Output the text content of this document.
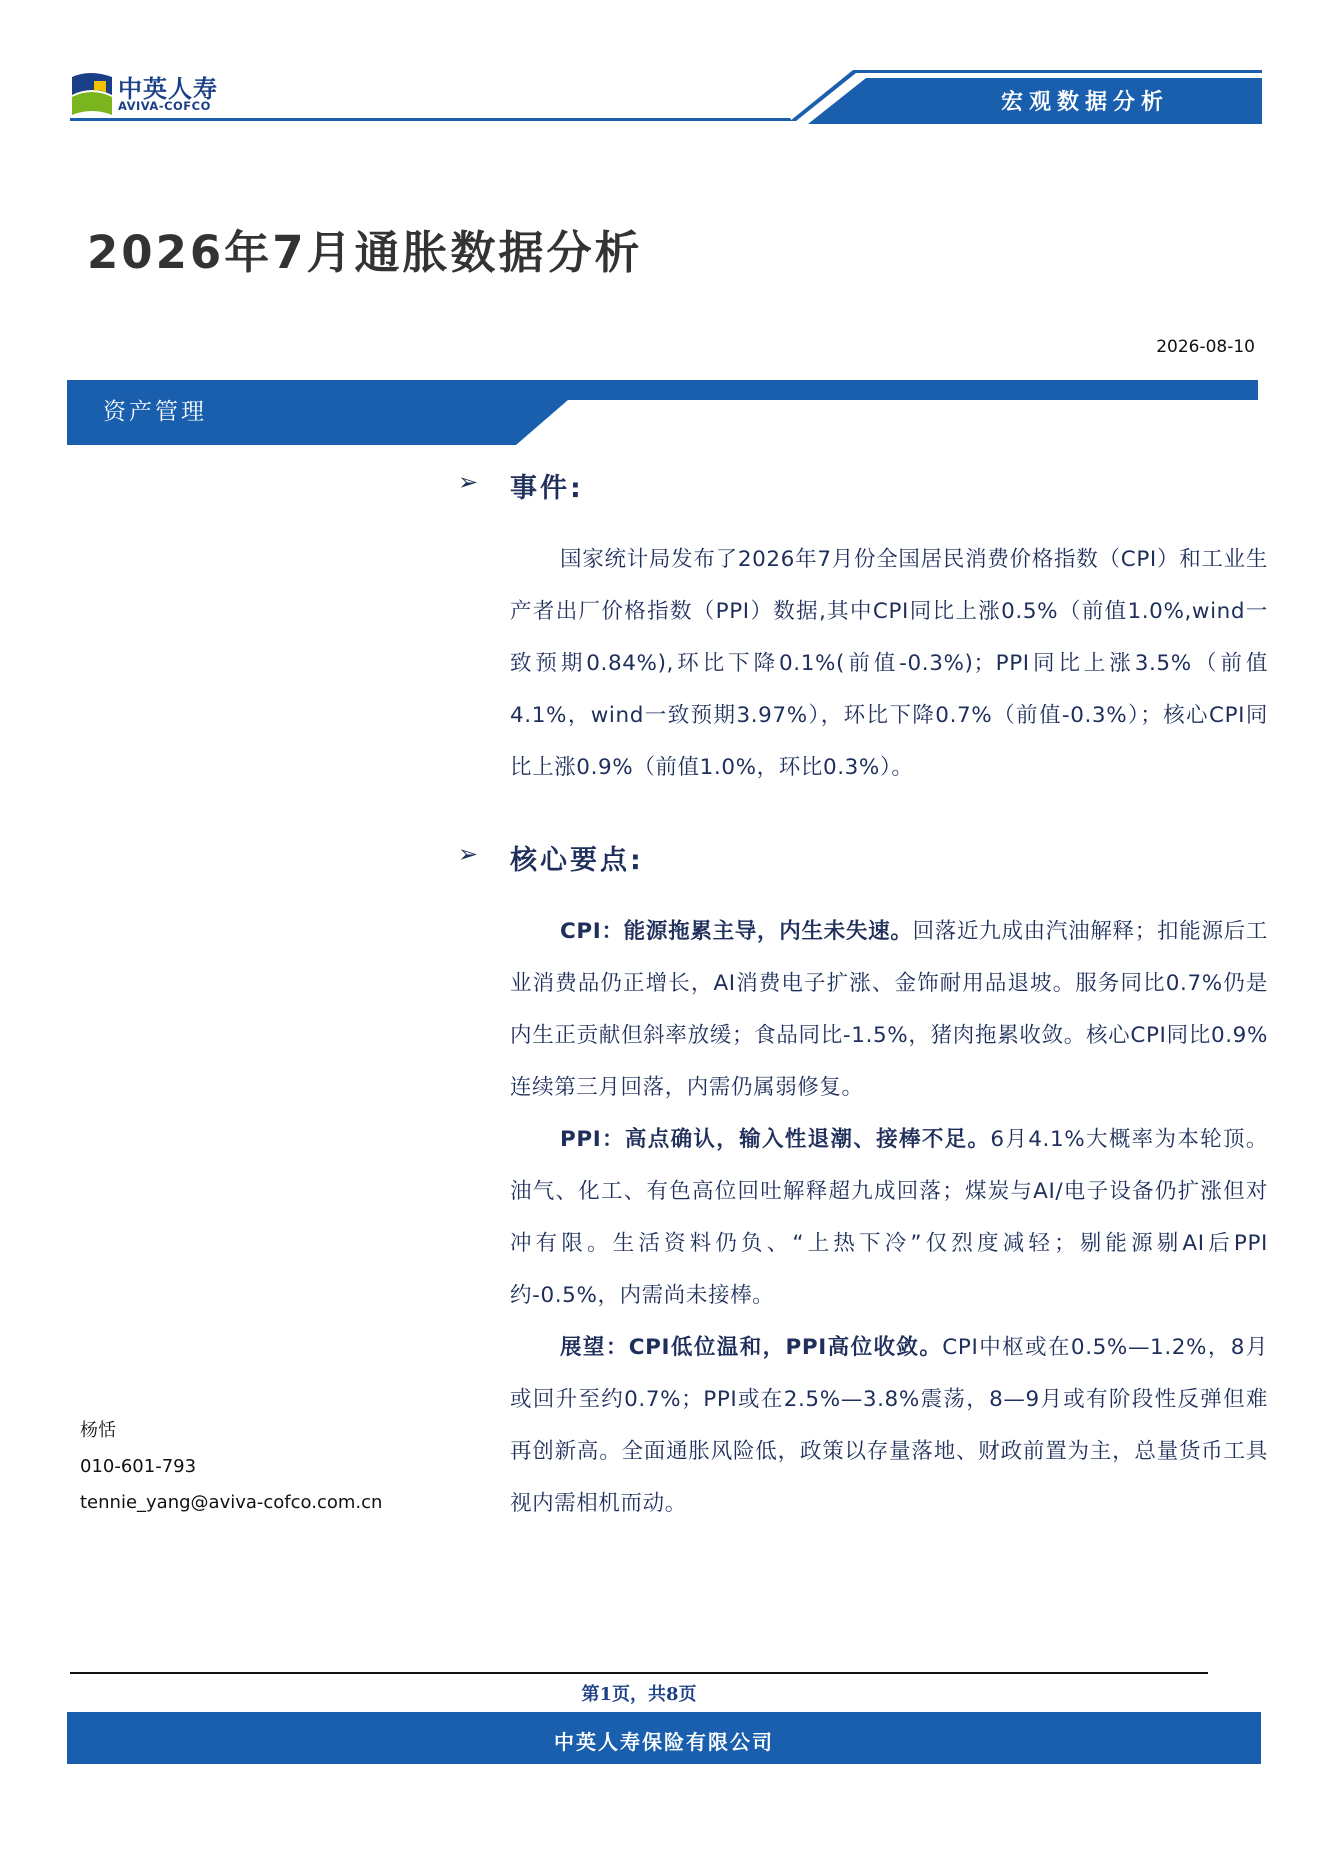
中英人寿
AVIVA-COFCO	宏观数据分析
2026年7月通胀数据分析
2026-08-10
资产管理
➢ 事件:

国家统计局发布了2026年7月份全国居民消费价格指数（CPI）和工业生产者出厂价格指数（PPI）数据,其中CPI同比上涨0.5%（前值1.0%,wind一致预期0.84%),环比下降0.1%(前值-0.3%)；PPI同比上涨3.5%（前值4.1%，wind一致预期3.97%），环比下降0.7%（前值-0.3%）；核心CPI同比上涨0.9%（前值1.0%，环比0.3%）。

➢ 核心要点:

CPI：能源拖累主导，内生未失速。回落近九成由汽油解释；扣能源后工业消费品仍正增长，AI消费电子扩涨、金饰耐用品退坡。服务同比0.7%仍是内生正贡献但斜率放缓；食品同比-1.5%，猪肉拖累收敛。核心CPI同比0.9%连续第三月回落，内需仍属弱修复。

PPI：高点确认，输入性退潮、接棒不足。6月4.1%大概率为本轮顶。油气、化工、有色高位回吐解释超九成回落；煤炭与AI/电子设备仍扩涨但对冲有限。生活资料仍负、“上热下冷”仅烈度减轻；剔能源剔AI后PPI约-0.5%，内需尚未接棒。

展望：CPI低位温和，PPI高位收敛。CPI中枢或在0.5%—1.2%，8月或回升至约0.7%；PPI或在2.5%—3.8%震荡，8—9月或有阶段性反弹但难再创新高。全面通胀风险低，政策以存量落地、财政前置为主，总量货币工具视内需相机而动。

杨恬
010-601-793
tennie_yang@aviva-cofco.com.cn
第1页，共8页
中英人寿保险有限公司
